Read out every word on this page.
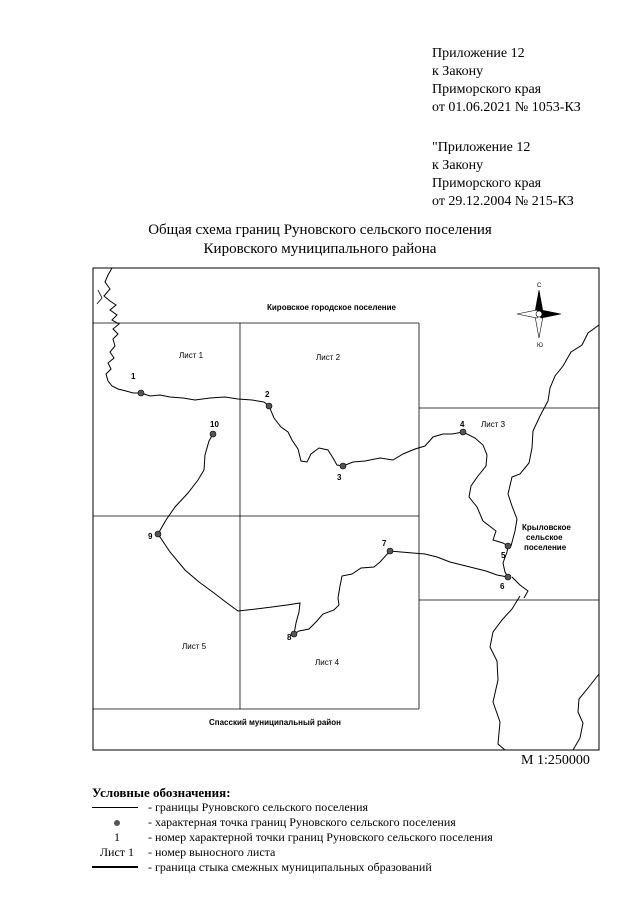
Приложение 12

к Закону

Приморского края

от 01.06.2021 № 1053-КЗ

"Приложение 12

к Закону

Приморского края

от 29.12.2004 № 215-КЗ

Общая схема границ Руновского сельского поселения

Кировского муниципального района

1
2
3
4
5
6
7
8
9
10
Лист 1	Лист 2
Лист 3
Лист 4
Лист 5
Кировское городское поселение
Крыловское
сельское
поселение
Спасский муниципальный район
С
Ю
М 1:250000
Условные обозначения:
- границы Руновского сельского поселения
- характерная точка границ Руновского сельского поселения
1	- номер характерной точки границ Руновского сельского поселения
Лист 1	- номер выносного листа
- граница стыка смежных муниципальных образований
